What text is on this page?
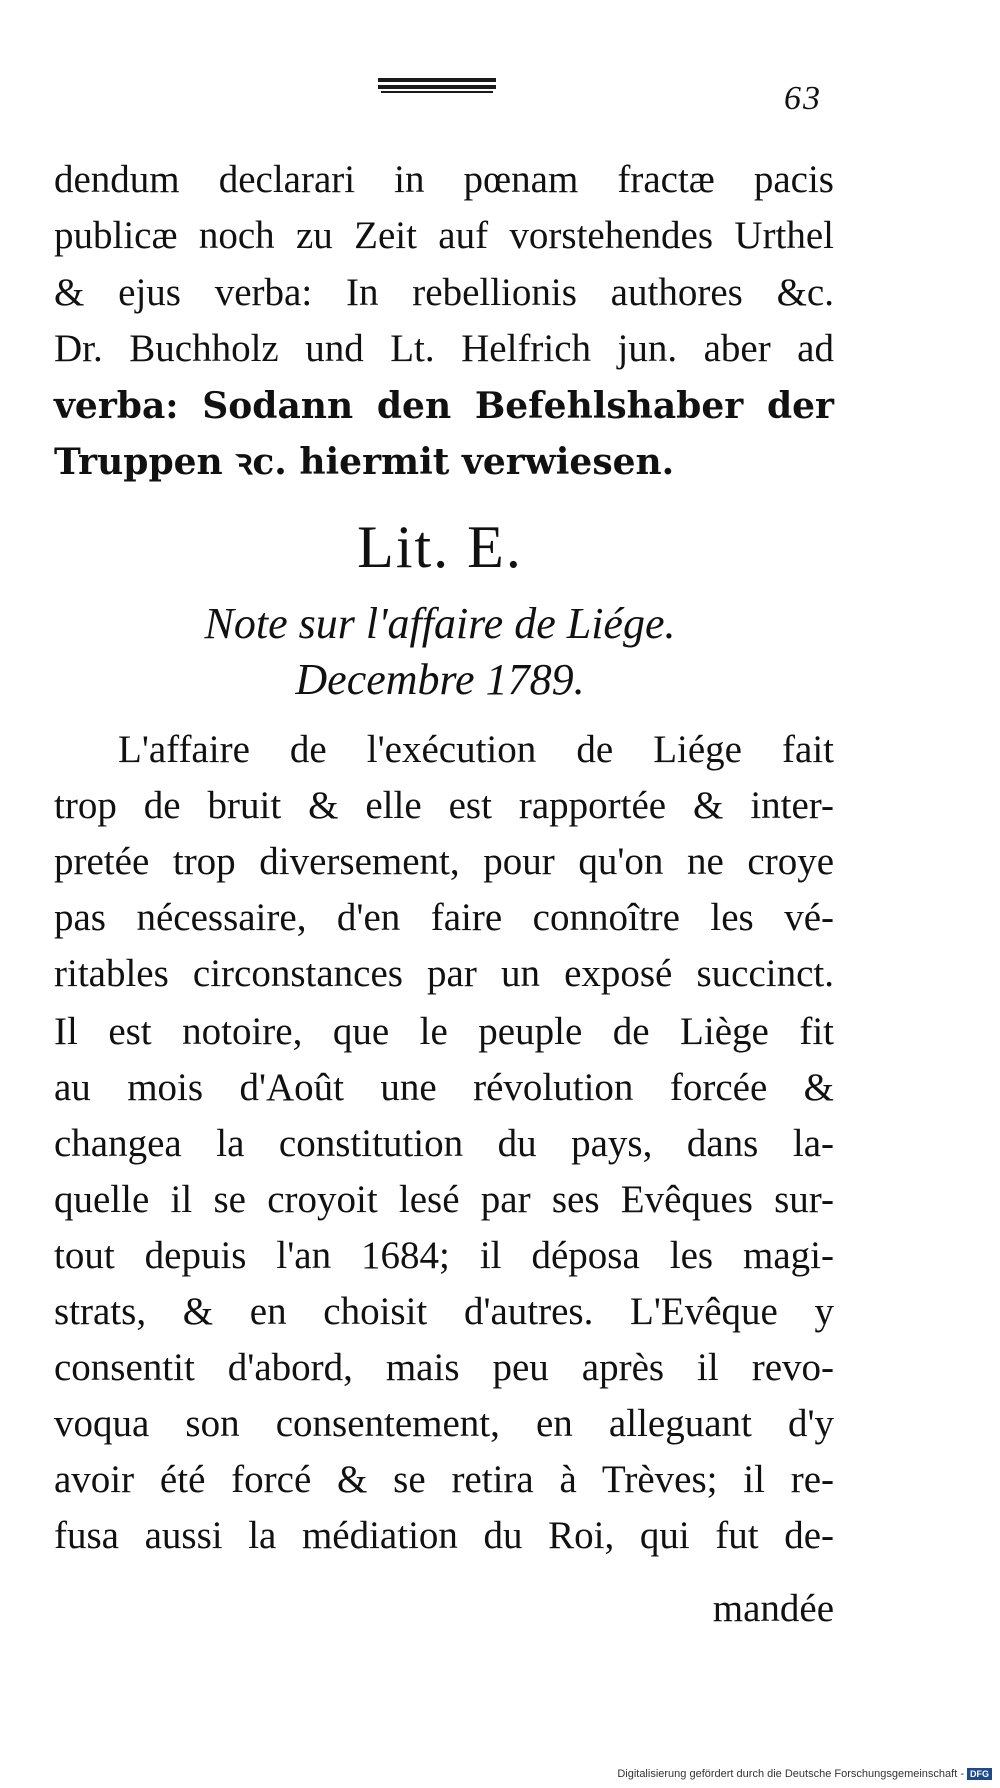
63
dendum declarari in pœnam fractæ pacis
publicæ noch zu Zeit auf vorstehendes Urthel
& ejus verba: In rebellionis authores &c.
Dr. Buchholz und Lt. Helfrich jun. aber ad
verba: Sodann den Befehlshaber der
Truppen ꝛc. hiermit verwiesen.
Lit. E.
Note sur l'affaire de Liége.
Decembre 1789.
L'affaire de l'exécution de Liége fait
trop de bruit & elle est rapportée & inter-
pretée trop diversement, pour qu'on ne croye
pas nécessaire, d'en faire connoître les vé-
ritables circonstances par un exposé succinct.
Il est notoire, que le peuple de Liège fit
au mois d'Août une révolution forcée &
changea la constitution du pays, dans la-
quelle il se croyoit lesé par ses Evêques sur-
tout depuis l'an 1684; il déposa les magi-
strats, & en choisit d'autres. L'Evêque y
consentit d'abord, mais peu après il revo-
voqua son consentement, en alleguant d'y
avoir été forcé & se retira à Trèves; il re-
fusa aussi la médiation du Roi, qui fut de-
mandée
Digitalisierung gefördert durch die Deutsche Forschungsgemeinschaft - DFG
